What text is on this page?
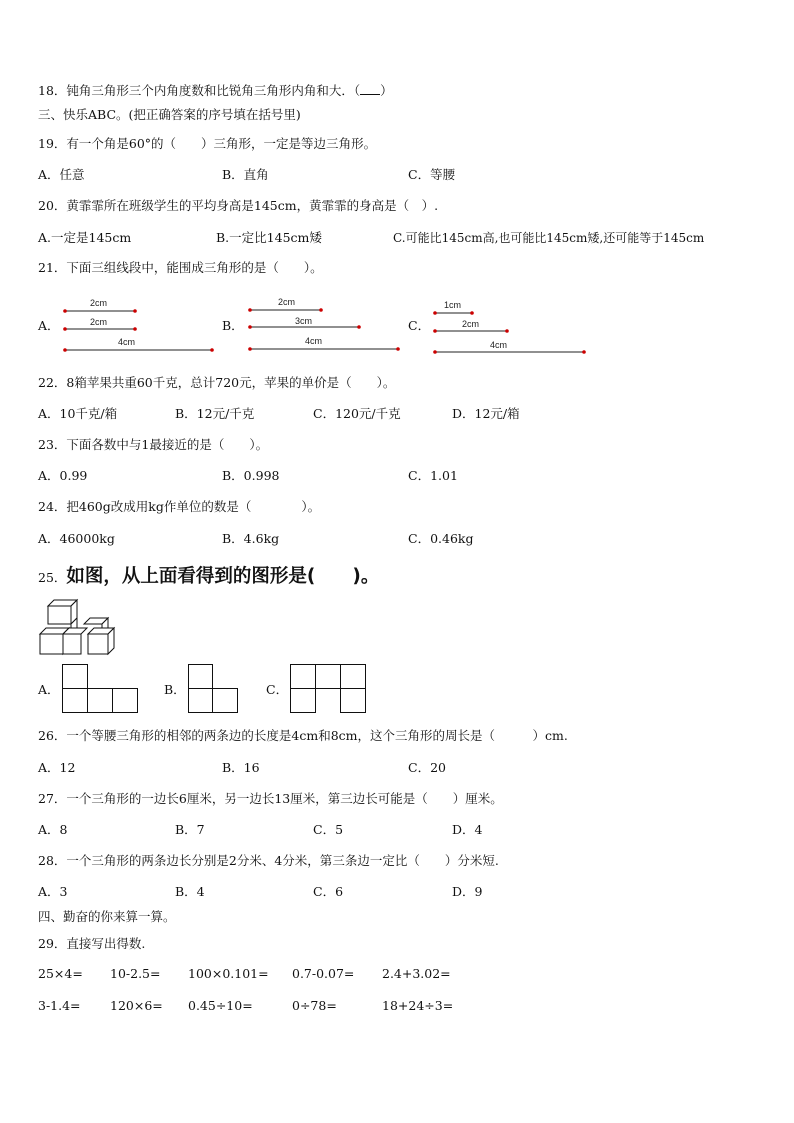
18．钝角三角形三个内角度数和比锐角三角形内角和大．（ ）
三、快乐ABC。(把正确答案的序号填在括号里)
19．有一个角是60°的（　　）三角形，一定是等边三角形。
A．任意	B．直角	C．等腰
20．黄霏霏所在班级学生的平均身高是145cm，黄霏霏的身高是（　）.
A.一定是145cm	B.一定比145cm矮	C.可能比145cm高,也可能比145cm矮,还可能等于145cm
21．下面三组线段中，能围成三角形的是（　　）。
A．	B．	C．
2cm
2cm
4cm
2cm
3cm
4cm
1cm
2cm
4cm
22．8箱苹果共重60千克，总计720元，苹果的单价是（　　）。
A．10千克/箱	B．12元/千克	C．120元/千克	D．12元/箱
23．下面各数中与1最接近的是（　　）。
A．0.99	B．0.998	C．1.01
24．把460g改成用kg作单位的数是（　　　　）。
A．46000kg	B．4.6kg	C．0.46kg
25．如图，从上面看得到的图形是(　　)。
A．	B．	C．
26．一个等腰三角形的相邻的两条边的长度是4cm和8cm，这个三角形的周长是（　　　）cm.
A．12	B．16	C．20
27．一个三角形的一边长6厘米，另一边长13厘米，第三边长可能是（　　）厘米。
A．8	B．7	C．5	D．4
28．一个三角形的两条边长分别是2分米、4分米，第三条边一定比（　　）分米短.
A．3	B．4	C．6	D．9
四、勤奋的你来算一算。
29．直接写出得数.
25×4= 10-2.5= 100×0.101= 0.7-0.07= 2.4+3.02=
3-1.4= 120×6= 0.45÷10=	0÷78=	18+24÷3=
